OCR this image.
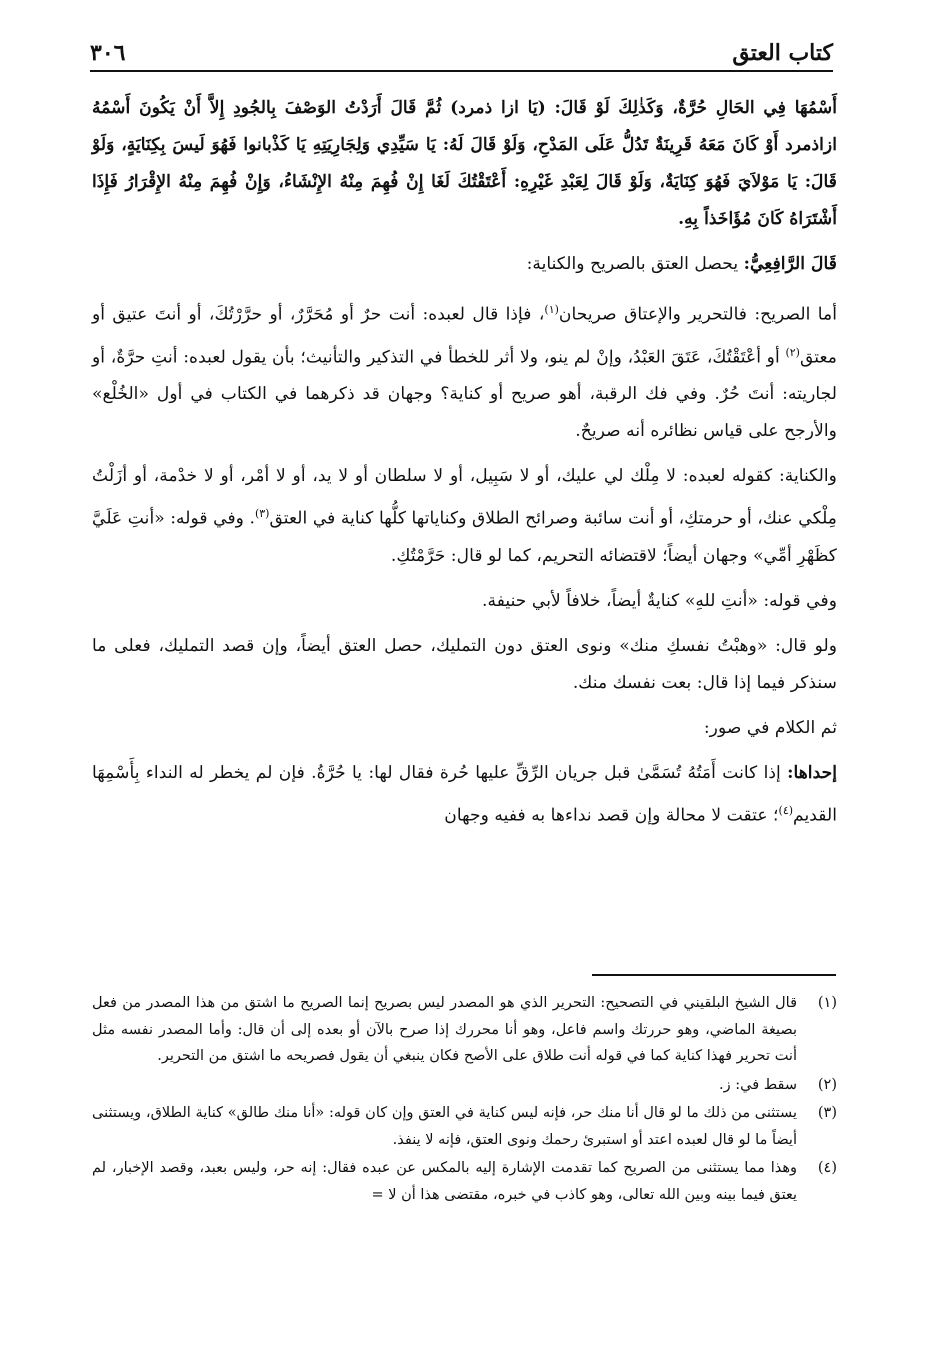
كتاب العتق
٣٠٦

أَسْمُهَا فِي الحَالِ حُرَّةٌ، وَكَذٰلِكَ لَوْ قَالَ: (يَا ازا ذمرد) ثُمَّ قَالَ أَرَدْتُ الوَصْفَ بِالجُودِ إِلاَّ أَنْ يَكُونَ أَسْمُهُ ازاذمرد أَوْ كَانَ مَعَهُ قَرِينَةٌ تَدُلُّ عَلَى المَدْحِ، وَلَوْ قَالَ لَهُ: يَا سَيِّدِي وَلِجَارِيَتِهِ يَا كَذْبانوا فَهُوَ لَيسَ بِكِنَايَةٍ، وَلَوْ قَالَ: يَا مَوْلاَيَ فَهُوَ كِنَايَةٌ، وَلَوْ قَالَ لِعَبْدِ غَيْرِهِ: أَعْتَقْتُكَ لَغَا إِنْ فُهِمَ مِنْهُ الإِنْشَاءُ، وَإِنْ فُهِمَ مِنْهُ الإِقْرَارُ فَإِذَا أَشْتَرَاهُ كَانَ مُؤَاخَذاً بِهِ.

قَالَ الرَّافِعِيُّ: يحصل العتق بالصريح والكناية:

أما الصريح: فالتحرير والإعتاق صريحان$^{(١)}$، فإذا قال لعبده: أنت حرٌ أو مُحَرَّرٌ، أو حرَّرْتُكَ، أو أنتَ عتيق أو معتق$^{(٢)}$ أو أعْتَقْتُكَ، عَتَقَ العَبْدُ، وإنْ لم ينو، ولا أثر للخطأ في التذكير والتأنيث؛ بأن يقول لعبده: أنتِ حرَّةٌ، أو لجاريته: أنتَ حُرٌ. وفي فك الرقبة، أهو صريح أو كناية؟ وجهان قد ذكرهما في الكتاب في أول «الخُلْع» والأرجح على قياس نظائره أنه صريحٌ.

والكناية: كقوله لعبده: لا مِلْك لي عليك، أو لا سَبِيل، أو لا سلطان أو لا يد، أو لا أمْر، أو لا خدْمة، أو أزَلْتُ مِلْكي عنك، أو حرمتكِ، أو أنت سائبة وصرائح الطلاق وكناياتها كلُّها كناية في العتق$^{(٣)}$. وفي قوله: «أنتِ عَلَيَّ كظَهْرِ أمِّي» وجهان أيضاً؛ لاقتضائه التحريم، كما لو قال: حَرَّمْتُكِ.

وفي قوله: «أنتِ للهِ» كنايةٌ أيضاً، خلافاً لأبي حنيفة.

ولو قال: «وهبْتُ نفسكِ منك» ونوى العتق دون التمليك، حصل العتق أيضاً، وإن قصد التمليك، فعلى ما سنذكر فيما إذا قال: بعت نفسك منك.

ثم الكلام في صور:

إحداها: إذا كانت أَمَتُهُ تُسَمَّىٰ قبل جريان الرِّقِّ عليها حُرة فقال لها: يا حُرَّةُ. فإن لم يخطر له النداء بِأَسْمِهَا القديم$^{(٤)}$؛ عتقت لا محالة وإن قصد نداءها به ففيه وجهان

(١)
قال الشيخ البلقيني في التصحيح: التحرير الذي هو المصدر ليس بصريح إنما الصريح ما اشتق من هذا المصدر من فعل بصيغة الماضي، وهو حررتك واسم فاعل، وهو أنا محررك إذا صرح بالآن أو بعده إلى أن قال: وأما المصدر نفسه مثل أنت تحرير فهذا كناية كما في قوله أنت طلاق على الأصح فكان ينبغي أن يقول فصريحه ما اشتق من التحرير.
(٢)
سقط في: ز.
(٣)
يستثنى من ذلك ما لو قال أنا منك حر، فإنه ليس كناية في العتق وإن كان قوله: «أنا منك طالق» كناية الطلاق، ويستثنى أيضاً ما لو قال لعبده اعتد أو استبرئ رحمك ونوى العتق، فإنه لا ينفذ.
(٤)
وهذا مما يستثنى من الصريح كما تقدمت الإشارة إليه بالمكس عن عبده فقال: إنه حر، وليس بعبد، وقصد الإخبار، لم يعتق فيما بينه وبين الله تعالى، وهو كاذب في خبره، مقتضى هذا أن لا =
